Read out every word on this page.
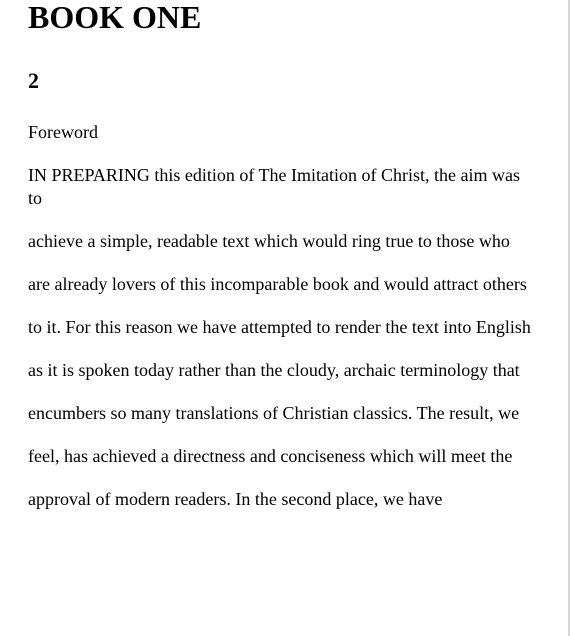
BOOK ONE
2

Foreword

IN PREPARING this edition of The Imitation of Christ, the aim was to

achieve a simple, readable text which would ring true to those who

are already lovers of this incomparable book and would attract others

to it. For this reason we have attempted to render the text into English

as it is spoken today rather than the cloudy, archaic terminology that

encumbers so many translations of Christian classics. The result, we

feel, has achieved a directness and conciseness which will meet the

approval of modern readers. In the second place, we have
